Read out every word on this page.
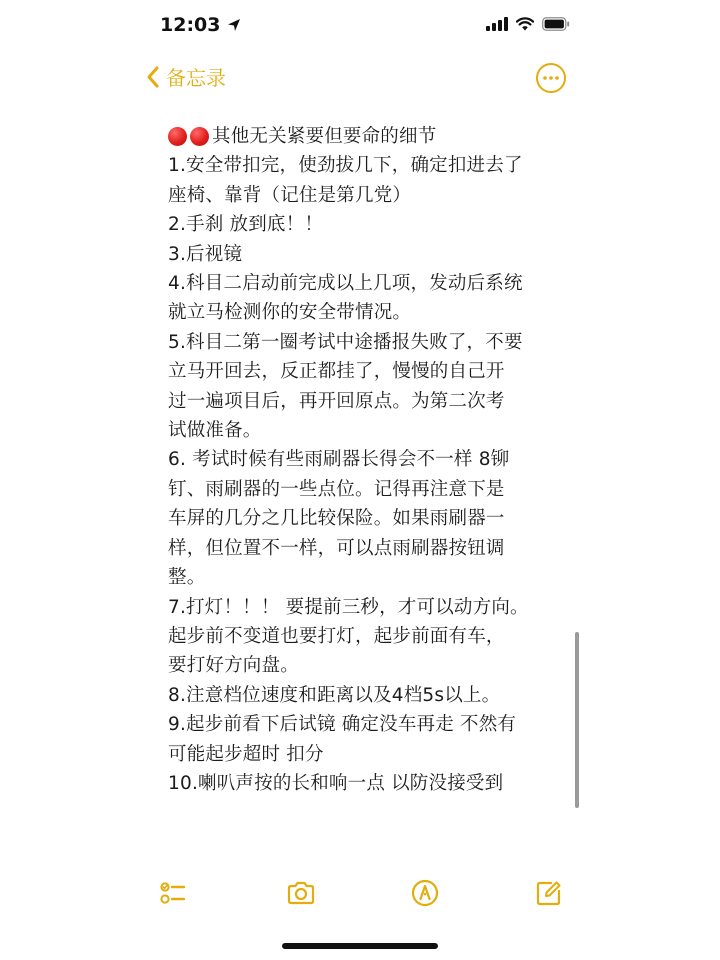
12:03
备忘录
其他无关紧要但要命的细节
1.安全带扣完，使劲拔几下，确定扣进去了
座椅、靠背（记住是第几党）
2.手刹 放到底！！
3.后视镜
4.科目二启动前完成以上几项，发动后系统
就立马检测你的安全带情况。
5.科目二第一圈考试中途播报失败了，不要
立马开回去，反正都挂了，慢慢的自己开
过一遍项目后，再开回原点。为第二次考
试做准备。
6. 考试时候有些雨刷器长得会不一样 8铆
钉、雨刷器的一些点位。记得再注意下是
车屏的几分之几比较保险。如果雨刷器一
样，但位置不一样，可以点雨刷器按钮调
整。
7.打灯！！！ 要提前三秒，才可以动方向。
起步前不变道也要打灯，起步前面有车，
要打好方向盘。
8.注意档位速度和距离以及4档5s以上。
9.起步前看下后试镜 确定没车再走 不然有
可能起步超时 扣分
10.喇叭声按的长和响一点 以防没接受到
